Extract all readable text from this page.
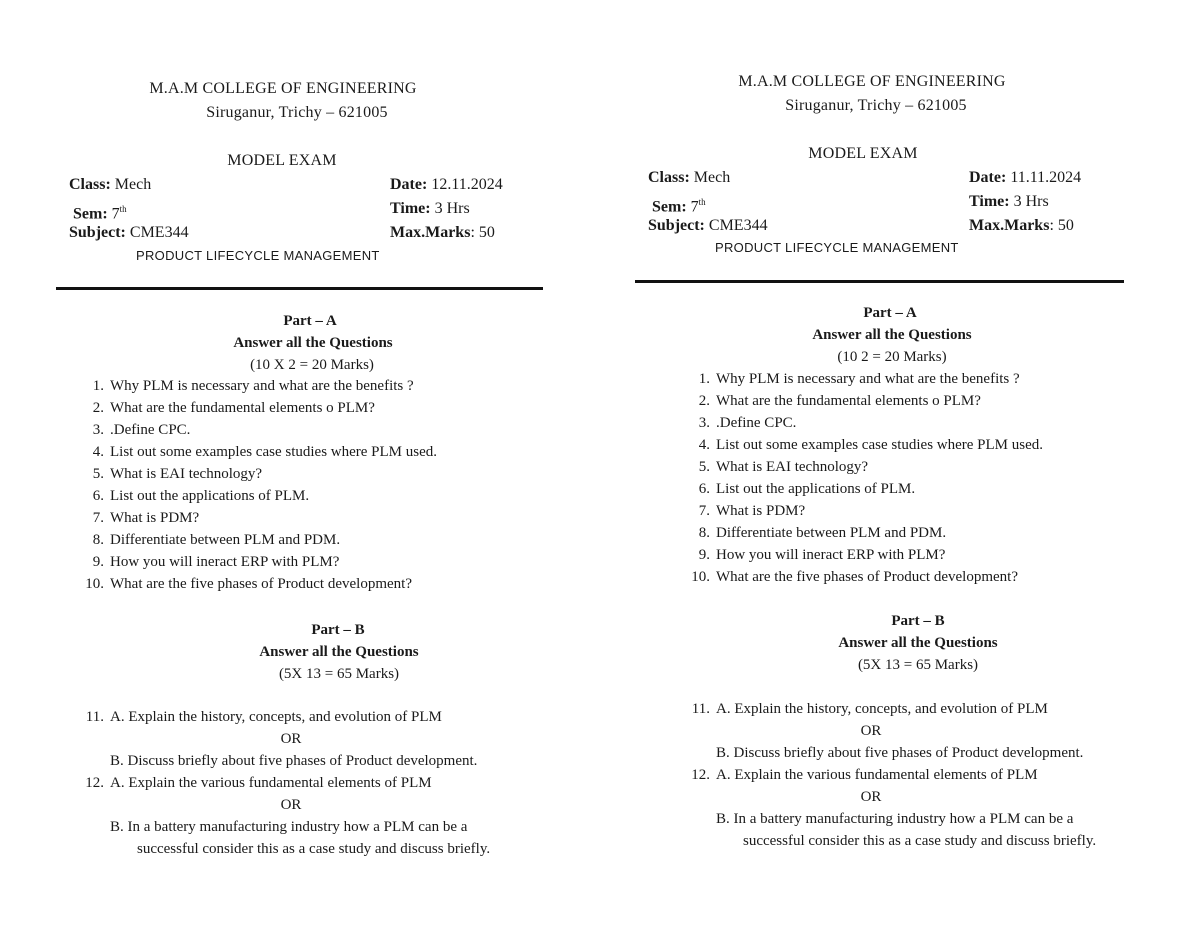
M.A.M COLLEGE OF ENGINEERING
Siruganur, Trichy – 621005
MODEL EXAM
Class: Mech
Sem: 7th
Subject: CME344
Date: 12.11.2024
Time: 3 Hrs
Max.Marks: 50
PRODUCT LIFECYCLE MANAGEMENT
Part – A
Answer all the Questions
(10 X 2 = 20 Marks)
1. Why PLM is necessary and what are the benefits ?
2. What are the fundamental elements o PLM?
3. .Define CPC.
4. List out some examples case studies where PLM used.
5. What is EAI technology?
6. List out the applications of PLM.
7. What is PDM?
8. Differentiate between PLM and PDM.
9. How you will ineract ERP with PLM?
10. What are the five phases of Product development?
Part – B
Answer all the Questions
(5X 13 = 65 Marks)
11. A. Explain the history, concepts, and evolution of PLM
OR
B. Discuss briefly about five phases of Product development.
12. A. Explain the various fundamental elements of PLM
OR
B. In a battery manufacturing industry how a PLM can be a
successful consider this as a case study and discuss briefly.
M.A.M COLLEGE OF ENGINEERING
Siruganur, Trichy – 621005
MODEL EXAM
Class: Mech
Sem: 7th
Subject: CME344
Date: 11.11.2024
Time: 3 Hrs
Max.Marks: 50
PRODUCT LIFECYCLE MANAGEMENT
Part – A
Answer all the Questions
(10 2 = 20 Marks)
1. Why PLM is necessary and what are the benefits ?
2. What are the fundamental elements o PLM?
3. .Define CPC.
4. List out some examples case studies where PLM used.
5. What is EAI technology?
6. List out the applications of PLM.
7. What is PDM?
8. Differentiate between PLM and PDM.
9. How you will ineract ERP with PLM?
10. What are the five phases of Product development?
Part – B
Answer all the Questions
(5X 13 = 65 Marks)
11. A. Explain the history, concepts, and evolution of PLM
OR
B. Discuss briefly about five phases of Product development.
12. A. Explain the various fundamental elements of PLM
OR
B. In a battery manufacturing industry how a PLM can be a
successful consider this as a case study and discuss briefly.
